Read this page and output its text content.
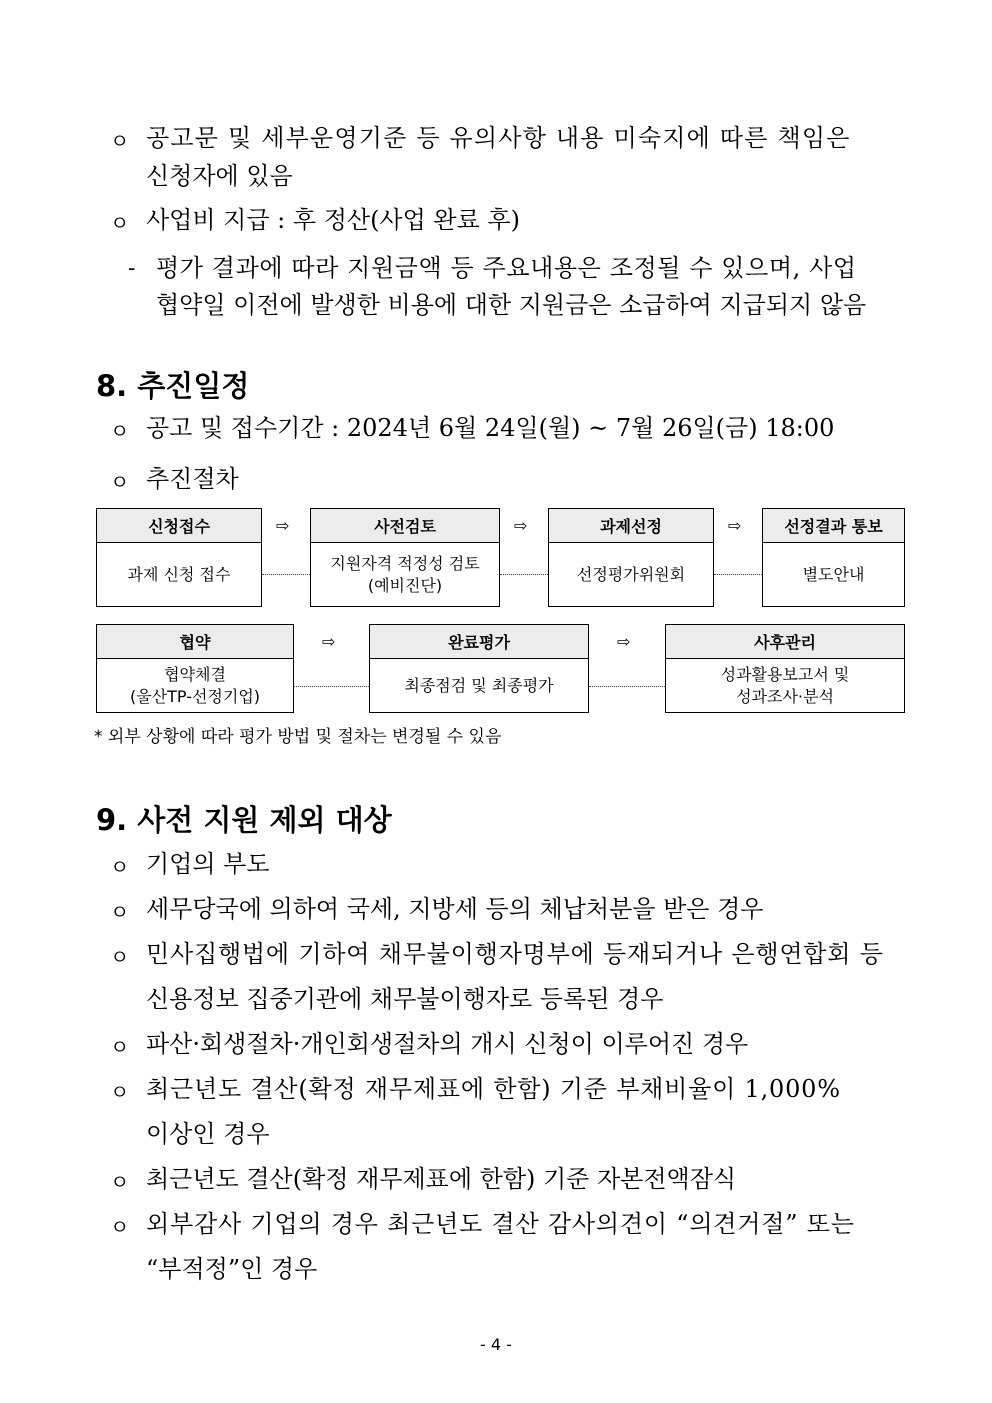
ㅇ 공고문 및 세부운영기준 등 유의사항 내용 미숙지에 따른 책임은
신청자에 있음
ㅇ 사업비 지급 : 후 정산(사업 완료 후)
- 평가 결과에 따라 지원금액 등 주요내용은 조정될 수 있으며, 사업
협약일 이전에 발생한 비용에 대한 지원금은 소급하여 지급되지 않음
8. 추진일정
ㅇ 공고 및 접수기간 : 2024년 6월 24일(월) ~ 7월 26일(금) 18:00
ㅇ 추진절차
신청접수
과제 신청 접수
⇨	사전검토
지원자격 적정성 검토
(예비진단)
⇨	과제선정
선정평가위원회
⇨	선정결과 통보
별도안내
협약
협약체결
(울산TP-선정기업)
⇨	완료평가
최종점검 및 최종평가
⇨	사후관리
성과활용보고서 및
성과조사·분석
* 외부 상황에 따라 평가 방법 및 절차는 변경될 수 있음
9. 사전 지원 제외 대상
ㅇ 기업의 부도
ㅇ 세무당국에 의하여 국세, 지방세 등의 체납처분을 받은 경우
ㅇ 민사집행법에 기하여 채무불이행자명부에 등재되거나 은행연합회 등
신용정보 집중기관에 채무불이행자로 등록된 경우
ㅇ 파산·회생절차·개인회생절차의 개시 신청이 이루어진 경우
ㅇ 최근년도 결산(확정 재무제표에 한함) 기준 부채비율이 1,000%
이상인 경우
ㅇ 최근년도 결산(확정 재무제표에 한함) 기준 자본전액잠식
ㅇ 외부감사 기업의 경우 최근년도 결산 감사의견이 “의견거절” 또는
“부적정”인 경우
- 4 -
